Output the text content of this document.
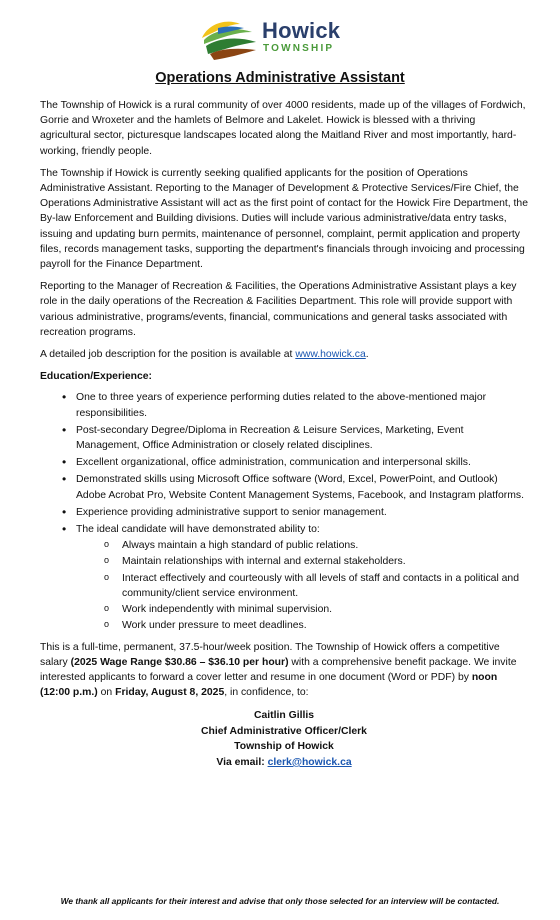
Howick
TOWNSHIP
Operations Administrative Assistant

The Township of Howick is a rural community of over 4000 residents, made up of the villages of Fordwich, Gorrie and Wroxeter and the hamlets of Belmore and Lakelet. Howick is blessed with a thriving agricultural sector, picturesque landscapes located along the Maitland River and most importantly, hard-working, friendly people.

The Township if Howick is currently seeking qualified applicants for the position of Operations Administrative Assistant. Reporting to the Manager of Development & Protective Services/Fire Chief, the Operations Administrative Assistant will act as the first point of contact for the Howick Fire Department, the By-law Enforcement and Building divisions. Duties will include various administrative/data entry tasks, issuing and updating burn permits, maintenance of personnel, complaint, permit application and property files, records management tasks, supporting the department's financials through invoicing and processing payroll for the Finance Department.

Reporting to the Manager of Recreation & Facilities, the Operations Administrative Assistant plays a key role in the daily operations of the Recreation & Facilities Department. This role will provide support with various administrative, programs/events, financial, communications and general tasks associated with recreation programs.

A detailed job description for the position is available at www.howick.ca.

Education/Experience:
• One to three years of experience performing duties related to the above-mentioned major responsibilities.
• Post-secondary Degree/Diploma in Recreation & Leisure Services, Marketing, Event Management, Office Administration or closely related disciplines.
• Excellent organizational, office administration, communication and interpersonal skills.
• Demonstrated skills using Microsoft Office software (Word, Excel, PowerPoint, and Outlook) Adobe Acrobat Pro, Website Content Management Systems, Facebook, and Instagram platforms.
• Experience providing administrative support to senior management.
• The ideal candidate will have demonstrated ability to:
o Always maintain a high standard of public relations.
o Maintain relationships with internal and external stakeholders.
o Interact effectively and courteously with all levels of staff and contacts in a political and community/client service environment.
o Work independently with minimal supervision.
o Work under pressure to meet deadlines.

This is a full-time, permanent, 37.5-hour/week position. The Township of Howick offers a competitive salary (2025 Wage Range $30.86 – $36.10 per hour) with a comprehensive benefit package. We invite interested applicants to forward a cover letter and resume in one document (Word or PDF) by noon (12:00 p.m.) on Friday, August 8, 2025, in confidence, to:

Caitlin Gillis
Chief Administrative Officer/Clerk
Township of Howick
Via email: clerk@howick.ca
We thank all applicants for their interest and advise that only those selected for an interview will be contacted.
